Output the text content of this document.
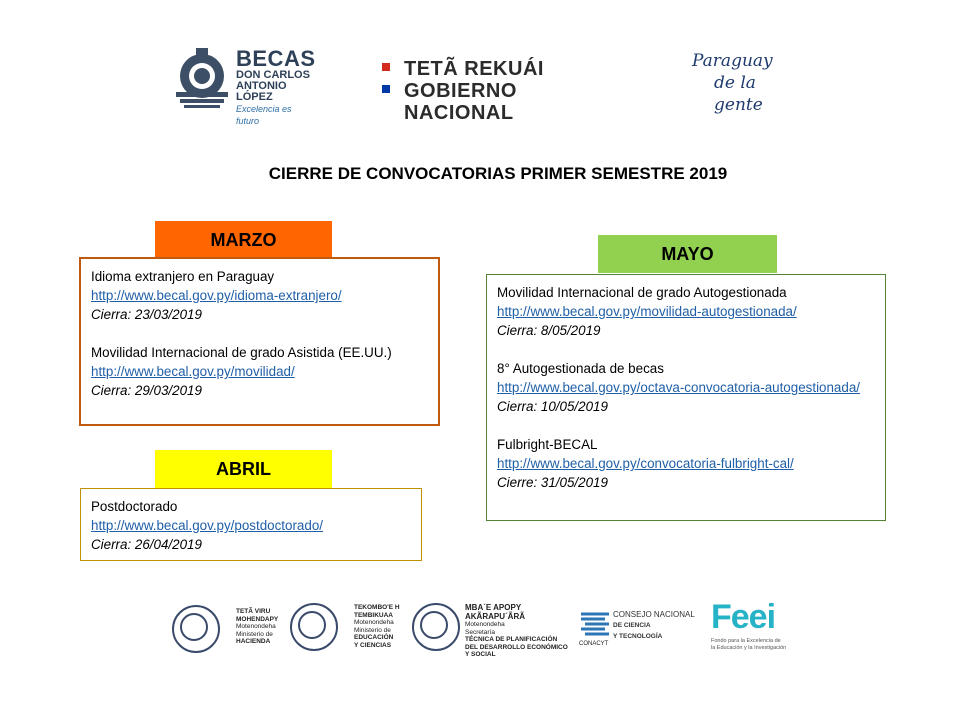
BECAS
DON CARLOS
ANTONIO LÓPEZ
Excelencia es futuro
TETÃ REKUÁI
GOBIERNO NACIONAL
Paraguay
de la gente
CIERRE DE CONVOCATORIAS PRIMER SEMESTRE 2019
MARZO
Idioma extranjero en Paraguay
http://www.becal.gov.py/idioma-extranjero/
Cierra: 23/03/2019
Movilidad Internacional de grado Asistida (EE.UU.)
http://www.becal.gov.py/movilidad/
Cierra: 29/03/2019
ABRIL
Postdoctorado
http://www.becal.gov.py/postdoctorado/
Cierra: 26/04/2019
MAYO
Movilidad Internacional de grado Autogestionada
http://www.becal.gov.py/movilidad-autogestionada/
Cierra: 8/05/2019
8° Autogestionada de becas
http://www.becal.gov.py/octava-convocatoria-autogestionada/
Cierra: 10/05/2019
Fulbright-BECAL
http://www.becal.gov.py/convocatoria-fulbright-cal/
Cierre: 31/05/2019
TETÃ VIRU
MOHENDAPY
Motenondeha
Ministerio de
HACIENDA
TEKOMBO'E H
TEMBIKUAA
Motenondeha
Ministerio de
EDUCACIÓN
Y CIENCIAS
MBA´E APOPY
AKÃRAPU´ÃRÃ
Motenondeha
Secretaría
TÉCNICA DE PLANIFICACIÓN
DEL DESARROLLO ECONÓMICO
Y SOCIAL
CONSEJO NACIONAL
DE CIENCIA
Y TECNOLOGÍA
CONACYT
Feei
Fondo para la Excelencia de
la Educación y la Investigación
